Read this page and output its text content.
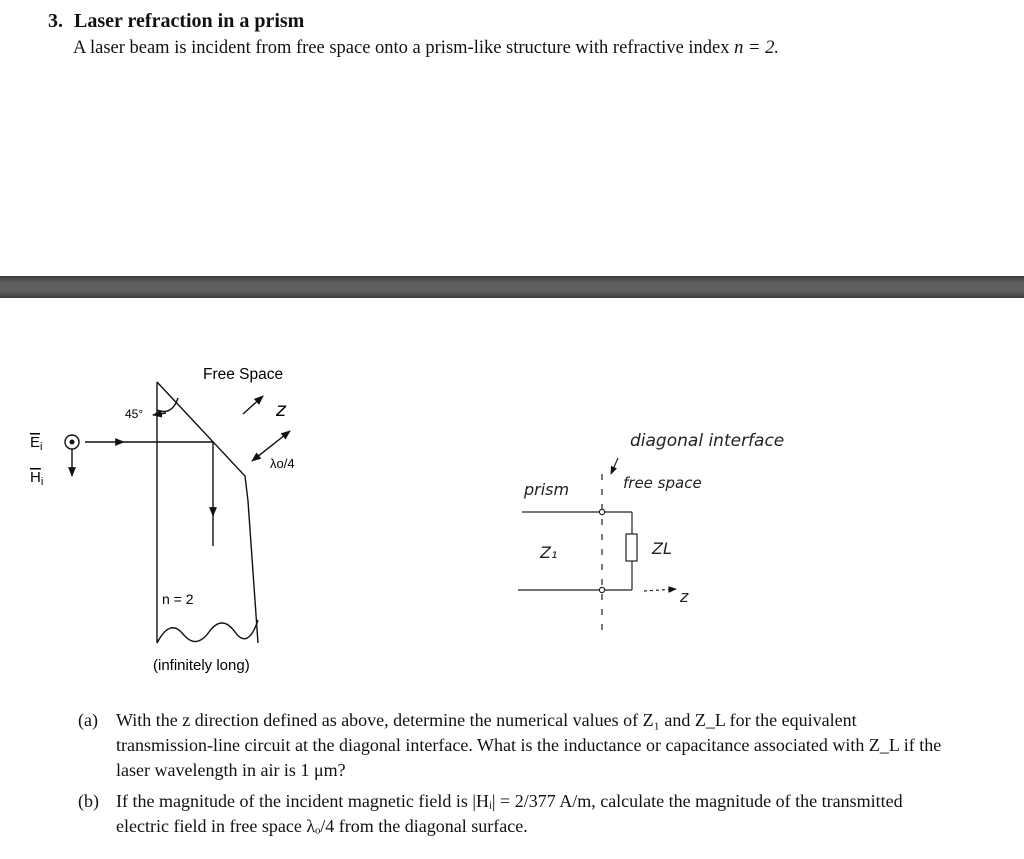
3. Laser refraction in a prism
A laser beam is incident from free space onto a prism-like structure with refractive index n = 2.
Free Space
45°
$E_i$
$H_i$
z
λo/4
n = 2
(infinitely long)
diagonal interface
free space
prism
Z₁	ZL
z
(a) With the z direction defined as above, determine the numerical values of Z₁ and Z_L for the equivalent transmission-line circuit at the diagonal interface. What is the inductance or capacitance associated with Z_L if the laser wavelength in air is 1 μm?
(b) If the magnitude of the incident magnetic field is |Hᵢ| = 2/377 A/m, calculate the magnitude of the transmitted electric field in free space λₒ/4 from the diagonal surface.
